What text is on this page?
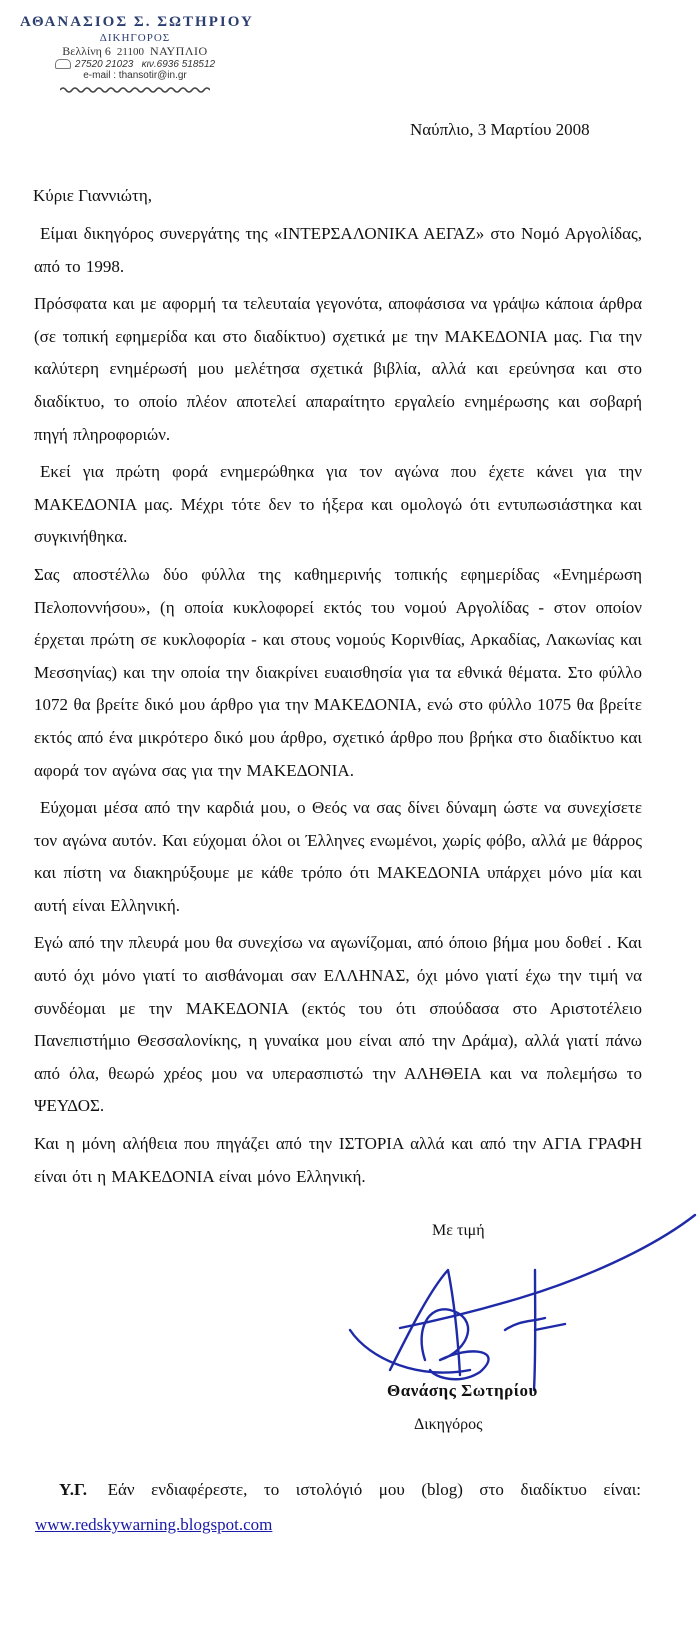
ΑΘΑΝΑΣΙΟΣ Σ. ΣΩΤΗΡΙΟΥ
ΔΙΚΗΓΟΡΟΣ
Βελλίνη 6 21100 ΝΑΥΠΛΙΟ
27520 21023 κιν.6936 518512
e-mail : thansotir@in.gr
Ναύπλιο, 3 Μαρτίου 2008
Κύριε Γιαννιώτη,

Είμαι δικηγόρος συνεργάτης της «ΙΝΤΕΡΣΑΛΟΝΙΚΑ ΑΕΓΑΖ» στο Νομό Αργολίδας, από το 1998.

Πρόσφατα και με αφορμή τα τελευταία γεγονότα, αποφάσισα να γράψω κάποια άρθρα (σε τοπική εφημερίδα και στο διαδίκτυο) σχετικά με την ΜΑΚΕΔΟΝΙΑ μας. Για την καλύτερη ενημέρωσή μου μελέτησα σχετικά βιβλία, αλλά και ερεύνησα και στο διαδίκτυο, το οποίο πλέον αποτελεί απαραίτητο εργαλείο ενημέρωσης και σοβαρή πηγή πληροφοριών.

Εκεί για πρώτη φορά ενημερώθηκα για τον αγώνα που έχετε κάνει για την ΜΑΚΕΔΟΝΙΑ μας. Μέχρι τότε δεν το ήξερα και ομολογώ ότι εντυπωσιάστηκα και συγκινήθηκα.

Σας αποστέλλω δύο φύλλα της καθημερινής τοπικής εφημερίδας «Ενημέρωση Πελοποννήσου», (η οποία κυκλοφορεί εκτός του νομού Αργολίδας - στον οποίον έρχεται πρώτη σε κυκλοφορία - και στους νομούς Κορινθίας, Αρκαδίας, Λακωνίας και Μεσσηνίας) και την οποία την διακρίνει ευαισθησία για τα εθνικά θέματα. Στο φύλλο 1072 θα βρείτε δικό μου άρθρο για την ΜΑΚΕΔΟΝΙΑ, ενώ στο φύλλο 1075 θα βρείτε εκτός από ένα μικρότερο δικό μου άρθρο, σχετικό άρθρο που βρήκα στο διαδίκτυο και αφορά τον αγώνα σας για την ΜΑΚΕΔΟΝΙΑ.

Εύχομαι μέσα από την καρδιά μου, ο Θεός να σας δίνει δύναμη ώστε να συνεχίσετε τον αγώνα αυτόν. Και εύχομαι όλοι οι Έλληνες ενωμένοι, χωρίς φόβο, αλλά με θάρρος και πίστη να διακηρύξουμε με κάθε τρόπο ότι ΜΑΚΕΔΟΝΙΑ υπάρχει μόνο μία και αυτή είναι Ελληνική.

Εγώ από την πλευρά μου θα συνεχίσω να αγωνίζομαι, από όποιο βήμα μου δοθεί . Και αυτό όχι μόνο γιατί το αισθάνομαι σαν ΕΛΛΗΝΑΣ, όχι μόνο γιατί έχω την τιμή να συνδέομαι με την ΜΑΚΕΔΟΝΙΑ (εκτός του ότι σπούδασα στο Αριστοτέλειο Πανεπιστήμιο Θεσσαλονίκης, η γυναίκα μου είναι από την Δράμα), αλλά γιατί πάνω από όλα, θεωρώ χρέος μου να υπερασπιστώ την ΑΛΗΘΕΙΑ και να πολεμήσω το ΨΕΥΔΟΣ.

Και η μόνη αλήθεια που πηγάζει από την ΙΣΤΟΡΙΑ αλλά και από την ΑΓΙΑ ΓΡΑΦΗ είναι ότι η ΜΑΚΕΔΟΝΙΑ είναι μόνο Ελληνική.

Με τιμή
Θανάσης Σωτηρίου
Δικηγόρος
Υ.Γ. Εάν ενδιαφέρεστε, το ιστολόγιό μου (blog) στο διαδίκτυο είναι:
www.redskywarning.blogspot.com
